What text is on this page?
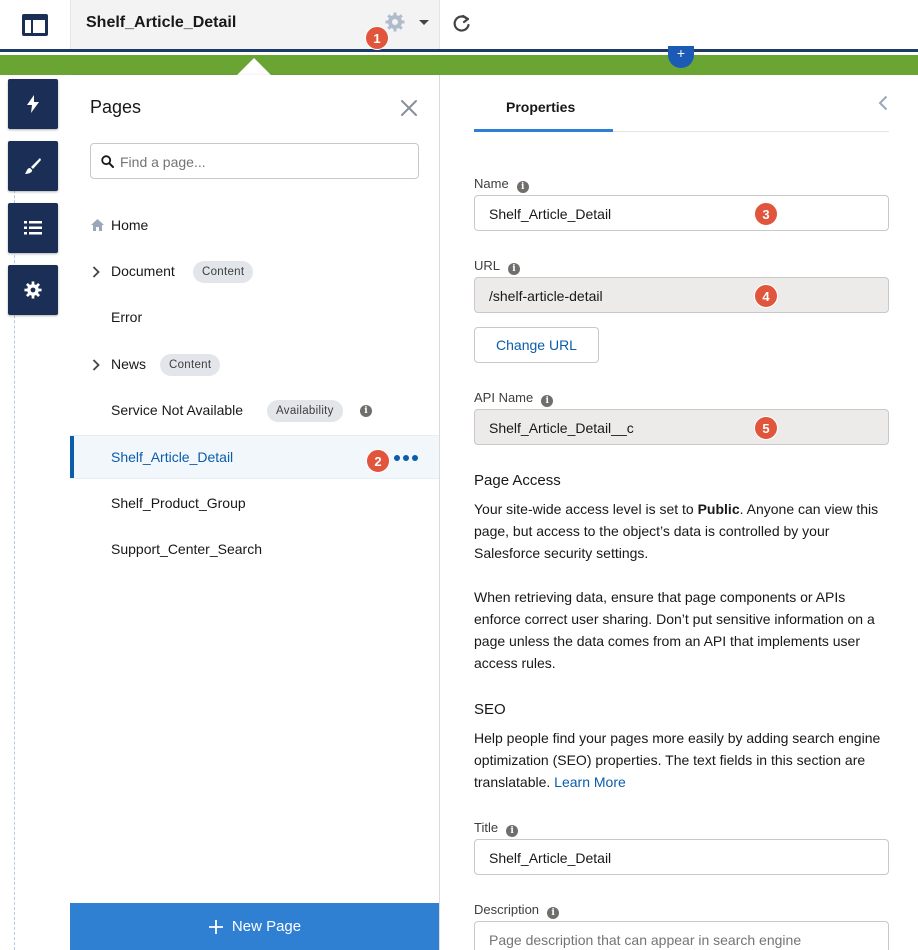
Shelf_Article_Detail
1
+
Pages
Find a page...
Home
Document	Content
Error
News	Content
Service Not Available	Availability	i
Shelf_Article_Detail	2
Shelf_Product_Group
Support_Center_Search
New Page
Properties
Name i
Shelf_Article_Detail	3
URL i
/shelf-article-detail	4
Change URL
API Name i
Shelf_Article_Detail__c	5
Page Access
Your site-wide access level is set to Public. Anyone can view this page, but access to the object’s data is controlled by your Salesforce security settings.
When retrieving data, ensure that page components or APIs enforce correct user sharing. Don’t put sensitive information on a page unless the data comes from an API that implements user access rules.
SEO
Help people find your pages more easily by adding search engine optimization (SEO) properties. The text fields in this section are translatable. Learn More
Title i
Shelf_Article_Detail
Description i
Page description that can appear in search engine
